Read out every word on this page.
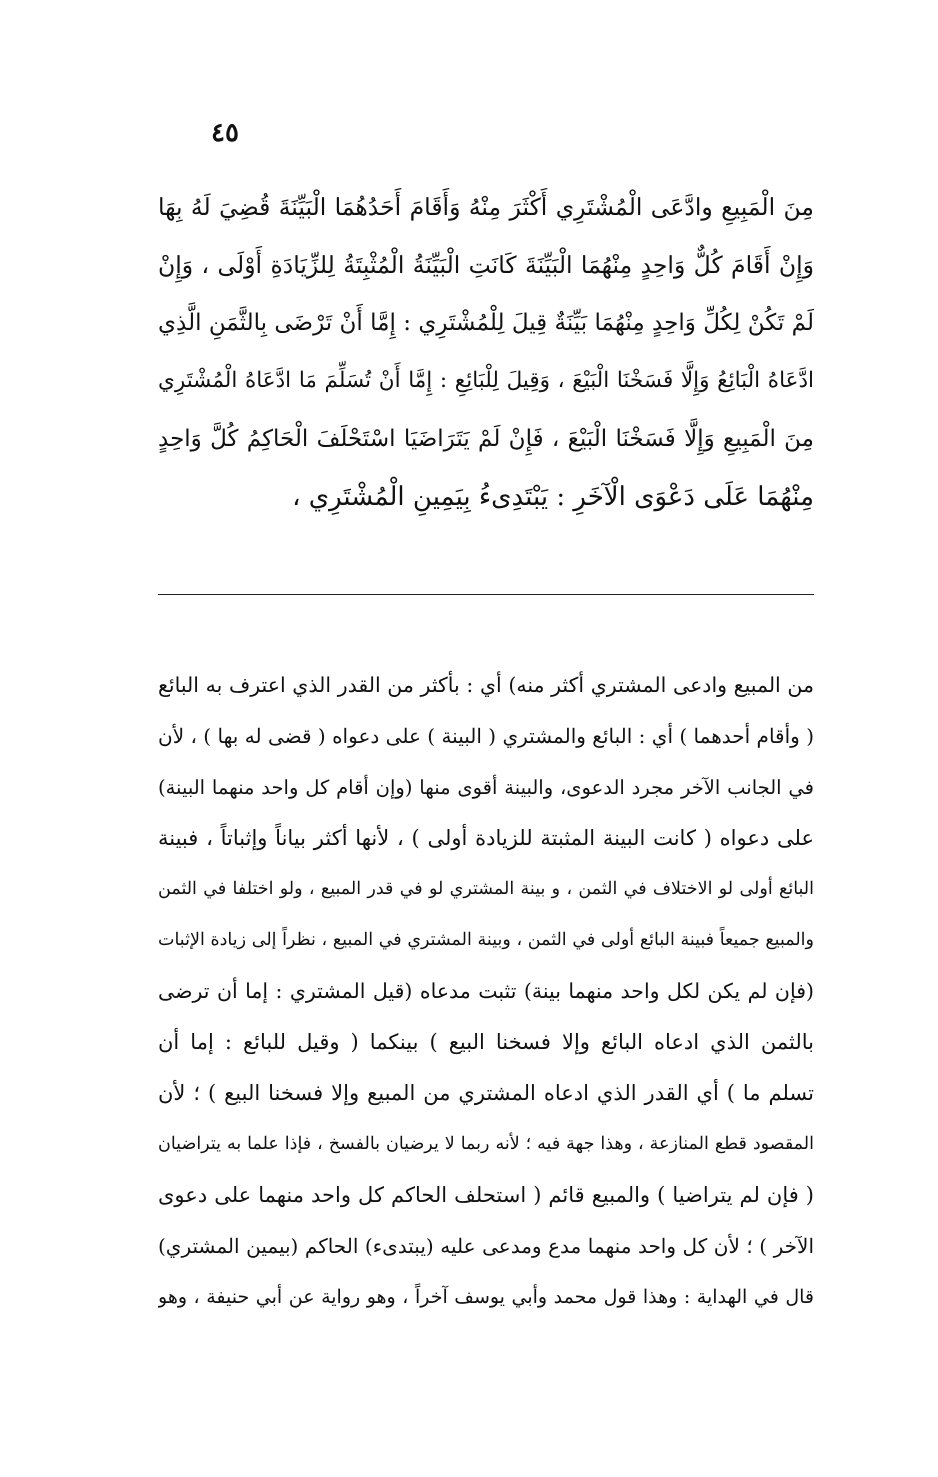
٤٥
مِنَ الْمَبِيعِ وادَّعَى الْمُشْتَرِي أَكْثَرَ مِنْهُ وَأَقَامَ أَحَدُهُمَا الْبَيِّنَةَ قُضِيَ لَهُ بِهَا
وَإِنْ أَقَامَ كُلٌّ وَاحِدٍ مِنْهُمَا الْبَيِّنَةَ كَانَتِ الْبَيِّنَةُ الْمُثْبِتَةُ لِلزِّيَادَةِ أَوْلَى ، وَإِنْ
لَمْ تَكُنْ لِكُلِّ وَاحِدٍ مِنْهُمَا بَيِّنَةٌ قِيلَ لِلْمُشْتَرِي : إِمَّا أَنْ تَرْضَى بِالثَّمَنِ الَّذِي
ادَّعَاهُ الْبَائِعُ وَإِلَّا فَسَخْنَا الْبَيْعَ ، وَقِيلَ لِلْبَائِعِ : إِمَّا أَنْ تُسَلِّمَ مَا ادَّعَاهُ الْمُشْتَرِي
مِنَ الْمَبِيعِ وَإِلَّا فَسَخْنَا الْبَيْعَ ، فَإِنْ لَمْ يَتَرَاضَيَا اسْتَحْلَفَ الْحَاكِمُ كُلَّ وَاحِدٍ
مِنْهُمَا عَلَى دَعْوَى الْآخَرِ : يَبْتَدِىءُ بِيَمِينِ الْمُشْتَرِي ،
من المبيع وادعى المشتري أكثر منه) أي : بأكثر من القدر الذي اعترف به البائع
( وأقام أحدهما ) أي : البائع والمشتري ( البينة ) على دعواه ( قضى له بها ) ، لأن
في الجانب الآخر مجرد الدعوى، والبينة أقوى منها (وإن أقام كل واحد منهما البينة)
على دعواه ( كانت البينة المثبتة للزيادة أولى ) ، لأنها أكثر بياناً وإثباتاً ، فبينة
البائع أولى لو الاختلاف في الثمن ، و بينة المشتري لو في قدر المبيع ، ولو اختلفا في الثمن
والمبيع جميعاً فبينة البائع أولى في الثمن ، وبينة المشتري في المبيع ، نظراً إلى زيادة الإثبات
(فإن لم يكن لكل واحد منهما بينة) تثبت مدعاه (قيل المشتري : إما أن ترضى
بالثمن الذي ادعاه البائع وإلا فسخنا البيع ) بينكما ( وقيل للبائع : إما أن
تسلم ما ) أي القدر الذي ادعاه المشتري من المبيع وإلا فسخنا البيع ) ؛ لأن
المقصود قطع المنازعة ، وهذا جهة فيه ؛ لأنه ربما لا يرضيان بالفسخ ، فإذا علما به يتراضيان
( فإن لم يتراضيا ) والمبيع قائم ( استحلف الحاكم كل واحد منهما على دعوى
الآخر ) ؛ لأن كل واحد منهما مدع ومدعى عليه (يبتدىء) الحاكم (بيمين المشتري)
قال في الهداية : وهذا قول محمد وأبي يوسف آخراً ، وهو رواية عن أبي حنيفة ، وهو
